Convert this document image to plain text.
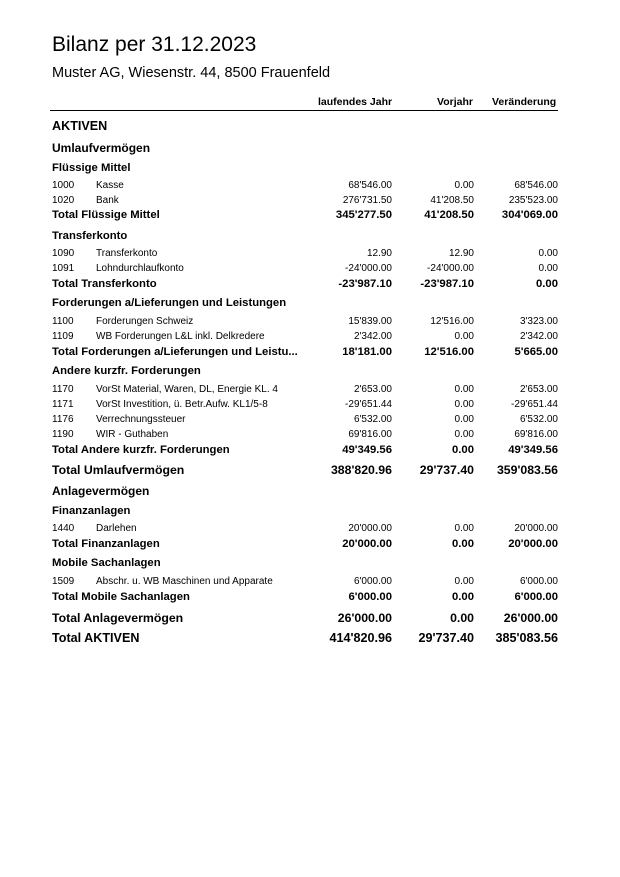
Bilanz per 31.12.2023
Muster AG, Wiesenstr. 44, 8500 Frauenfeld
laufendes Jahr	Vorjahr Veränderung
AKTIVEN
Umlaufvermögen
Flüssige Mittel
1000 Kasse	68'546.00	0.00	68'546.00
1020 Bank	276'731.50	41'208.50	235'523.00
Total Flüssige Mittel	345'277.50	41'208.50 304'069.00
Transferkonto
1090 Transferkonto	12.90	12.90	0.00
1091 Lohndurchlaufkonto	-24'000.00	-24'000.00	0.00
Total Transferkonto	-23'987.10	-23'987.10	0.00
Forderungen a/Lieferungen und Leistungen
1100 Forderungen Schweiz	15'839.00	12'516.00	3'323.00
1109 WB Forderungen L&L inkl. Delkredere	2'342.00	0.00	2'342.00
Total Forderungen a/Lieferungen und Leistu...	18'181.00	12'516.00	5'665.00
Andere kurzfr. Forderungen
1170 VorSt Material, Waren, DL, Energie KL. 4	2'653.00	0.00	2'653.00
1171 VorSt Investition, ü. Betr.Aufw. KL1/5-8	-29'651.44	0.00	-29'651.44
1176 Verrechnungssteuer	6'532.00	0.00	6'532.00
1190 WIR - Guthaben	69'816.00	0.00	69'816.00
Total Andere kurzfr. Forderungen	49'349.56	0.00	49'349.56
Total Umlaufvermögen	388'820.96 29'737.40 359'083.56
Anlagevermögen
Finanzanlagen
1440 Darlehen	20'000.00	0.00	20'000.00
Total Finanzanlagen	20'000.00	0.00	20'000.00
Mobile Sachanlagen
1509 Abschr. u. WB Maschinen und Apparate	6'000.00	0.00	6'000.00
Total Mobile Sachanlagen	6'000.00	0.00	6'000.00
Total Anlagevermögen	26'000.00	0.00 26'000.00
Total AKTIVEN	414'820.96 29'737.40 385'083.56
